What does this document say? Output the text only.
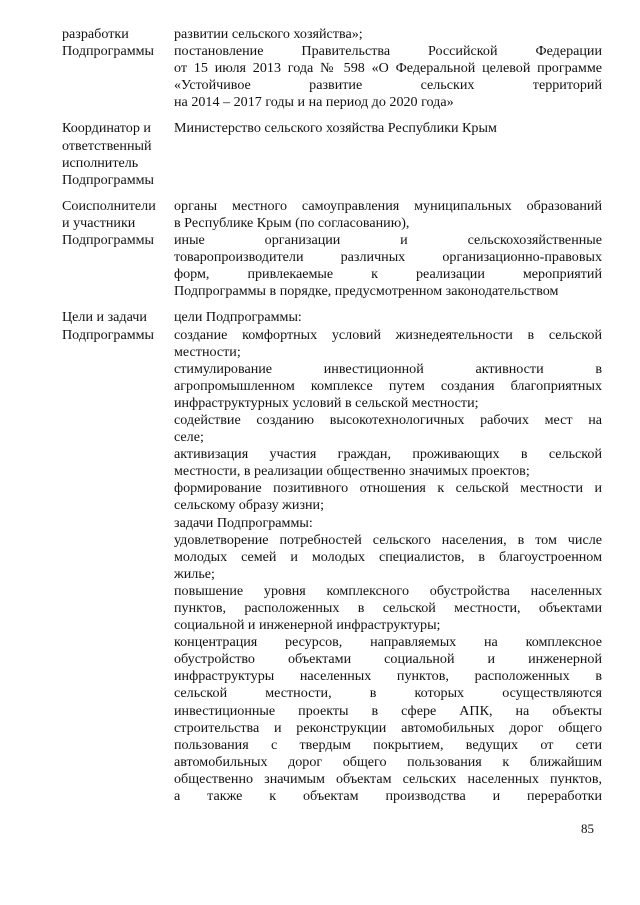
разработки
Подпрограммы

развитии сельского хозяйства»;

постановление Правительства Российской Федерации

от 15 июля 2013 года № 598 «О Федеральной целевой программе

«Устойчивое развитие сельских территорий

на 2014 – 2017 годы и на период до 2020 года»

Координатор и
ответственный
исполнитель
Подпрограммы

Министерство сельского хозяйства Республики Крым

Соисполнители
и участники
Подпрограммы

органы местного самоуправления муниципальных образований

в Республике Крым (по согласованию),

иные организации и сельскохозяйственные

товаропроизводители различных организационно-правовых

форм, привлекаемые к реализации мероприятий

Подпрограммы в порядке, предусмотренном законодательством

Цели и задачи
Подпрограммы

цели Подпрограммы:

создание комфортных условий жизнедеятельности в сельской

местности;

стимулирование инвестиционной активности в

агропромышленном комплексе путем создания благоприятных

инфраструктурных условий в сельской местности;

содействие созданию высокотехнологичных рабочих мест на

селе;

активизация участия граждан, проживающих в сельской

местности, в реализации общественно значимых проектов;

формирование позитивного отношения к сельской местности и

сельскому образу жизни;

задачи Подпрограммы:

удовлетворение потребностей сельского населения, в том числе

молодых семей и молодых специалистов, в благоустроенном

жилье;

повышение уровня комплексного обустройства населенных

пунктов, расположенных в сельской местности, объектами

социальной и инженерной инфраструктуры;

концентрация ресурсов, направляемых на комплексное

обустройство объектами социальной и инженерной

инфраструктуры населенных пунктов, расположенных в

сельской местности, в которых осуществляются

инвестиционные проекты в сфере АПК, на объекты

строительства и реконструкции автомобильных дорог общего

пользования с твердым покрытием, ведущих от сети

автомобильных дорог общего пользования к ближайшим

общественно значимым объектам сельских населенных пунктов,

а также к объектам производства и переработки

85
